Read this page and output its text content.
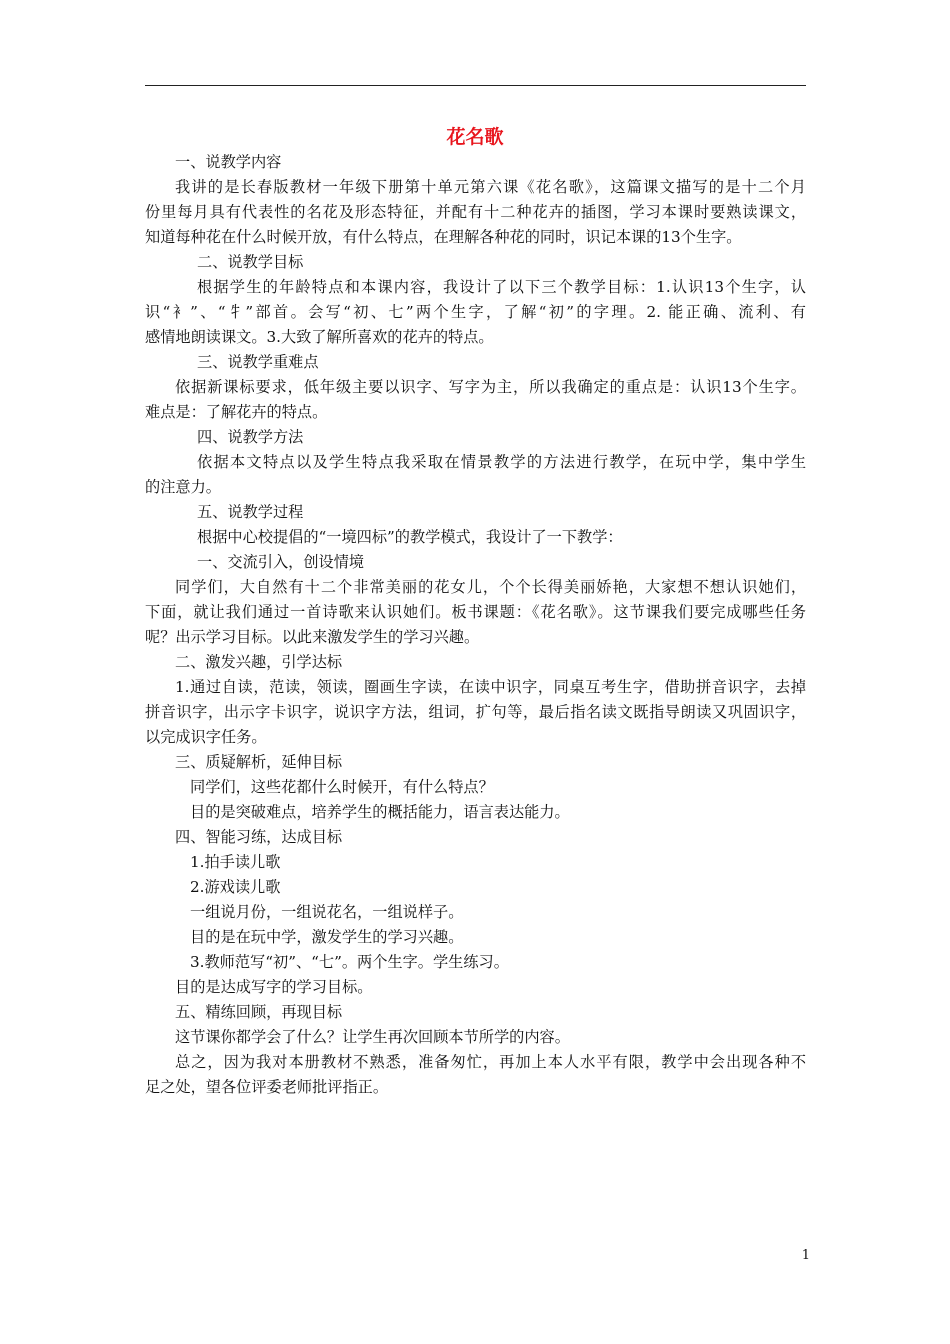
花名歌
一、说教学内容
我讲的是长春版教材一年级下册第十单元第六课《花名歌》，这篇课文描写的是十二个月
份里每月具有代表性的名花及形态特征，并配有十二种花卉的插图，学习本课时要熟读课文，
知道每种花在什么时候开放，有什么特点，在理解各种花的同时，识记本课的13个生字。
二、说教学目标
根据学生的年龄特点和本课内容，我设计了以下三个教学目标：1.认识13个生字，认
识“衤”、“牜”部首。会写“初、七”两个生字，了解“初”的字理。2. 能正确、流利、有
感情地朗读课文。3.大致了解所喜欢的花卉的特点。
三、说教学重难点
依据新课标要求，低年级主要以识字、写字为主，所以我确定的重点是：认识13个生字。
难点是：了解花卉的特点。
四、说教学方法
依据本文特点以及学生特点我采取在情景教学的方法进行教学，在玩中学，集中学生
的注意力。
五、说教学过程
根据中心校提倡的“一境四标”的教学模式，我设计了一下教学：
一、交流引入，创设情境
同学们，大自然有十二个非常美丽的花女儿，个个长得美丽娇艳，大家想不想认识她们，
下面，就让我们通过一首诗歌来认识她们。板书课题：《花名歌》。这节课我们要完成哪些任务
呢？出示学习目标。以此来激发学生的学习兴趣。
二、激发兴趣，引学达标
1.通过自读，范读，领读，圈画生字读，在读中识字，同桌互考生字，借助拼音识字，去掉
拼音识字，出示字卡识字，说识字方法，组词，扩句等，最后指名读文既指导朗读又巩固识字，
以完成识字任务。
三、质疑解析，延伸目标
同学们，这些花都什么时候开，有什么特点？
目的是突破难点，培养学生的概括能力，语言表达能力。
四、智能习练，达成目标
1.拍手读儿歌
2.游戏读儿歌
一组说月份，一组说花名，一组说样子。
目的是在玩中学，激发学生的学习兴趣。
3.教师范写“初”、“七”。两个生字。学生练习。
目的是达成写字的学习目标。
五、精练回顾，再现目标
这节课你都学会了什么？让学生再次回顾本节所学的内容。
总之，因为我对本册教材不熟悉，准备匆忙，再加上本人水平有限，教学中会出现各种不
足之处，望各位评委老师批评指正。
1
